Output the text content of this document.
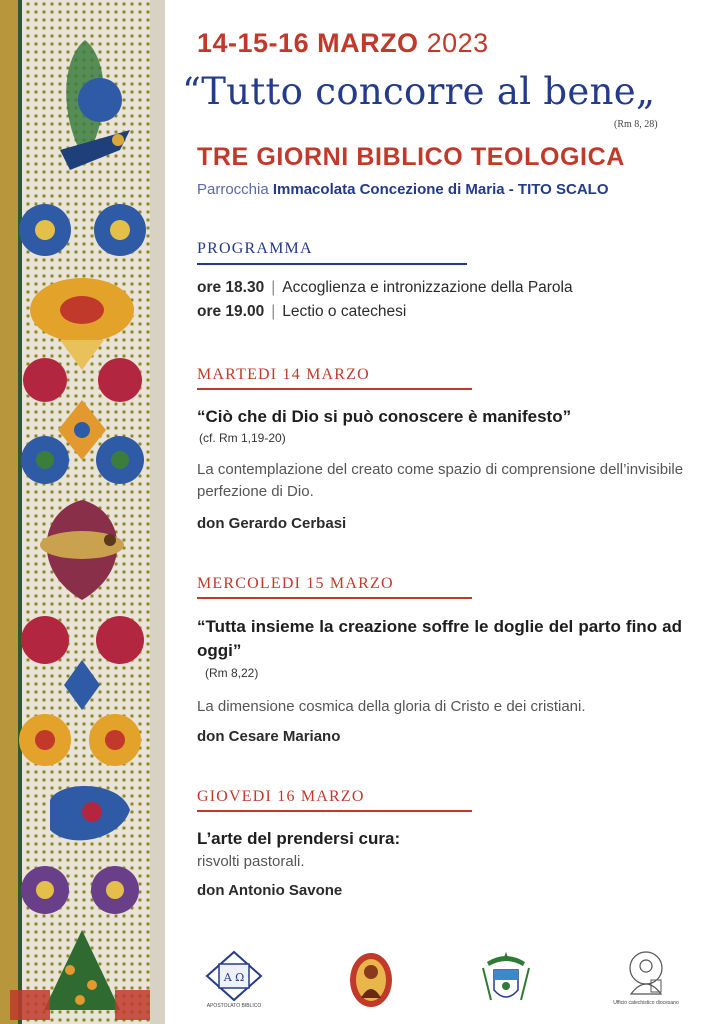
14-15-16 MARZO 2023
“Tutto concorre al bene„
(Rm 8, 28)
TRE GIORNI BIBLICO TEOLOGICA
Parrocchia Immacolata Concezione di Maria - TITO SCALO
PROGRAMMA
ore 18.30 | Accoglienza e intronizzazione della Parola
ore 19.00 | Lectio o catechesi
MARTEDI 14 MARZO
“Ciò che di Dio si può conoscere è manifesto”
(cf. Rm 1,19-20)
La contemplazione del creato come spazio di comprensione dell’invisibile perfezione di Dio.
don Gerardo Cerbasi
MERCOLEDI 15 MARZO
“Tutta insieme la creazione soffre le doglie del parto fino ad oggi”
(Rm 8,22)
La dimensione cosmica della gloria di Cristo e dei cristiani.
don Cesare Mariano
GIOVEDI 16 MARZO
L’arte del prendersi cura:
risvolti pastorali.
don Antonio Savone
A Ω
APOSTOLATO BIBLICO	Ufficio catechistico diocesano
